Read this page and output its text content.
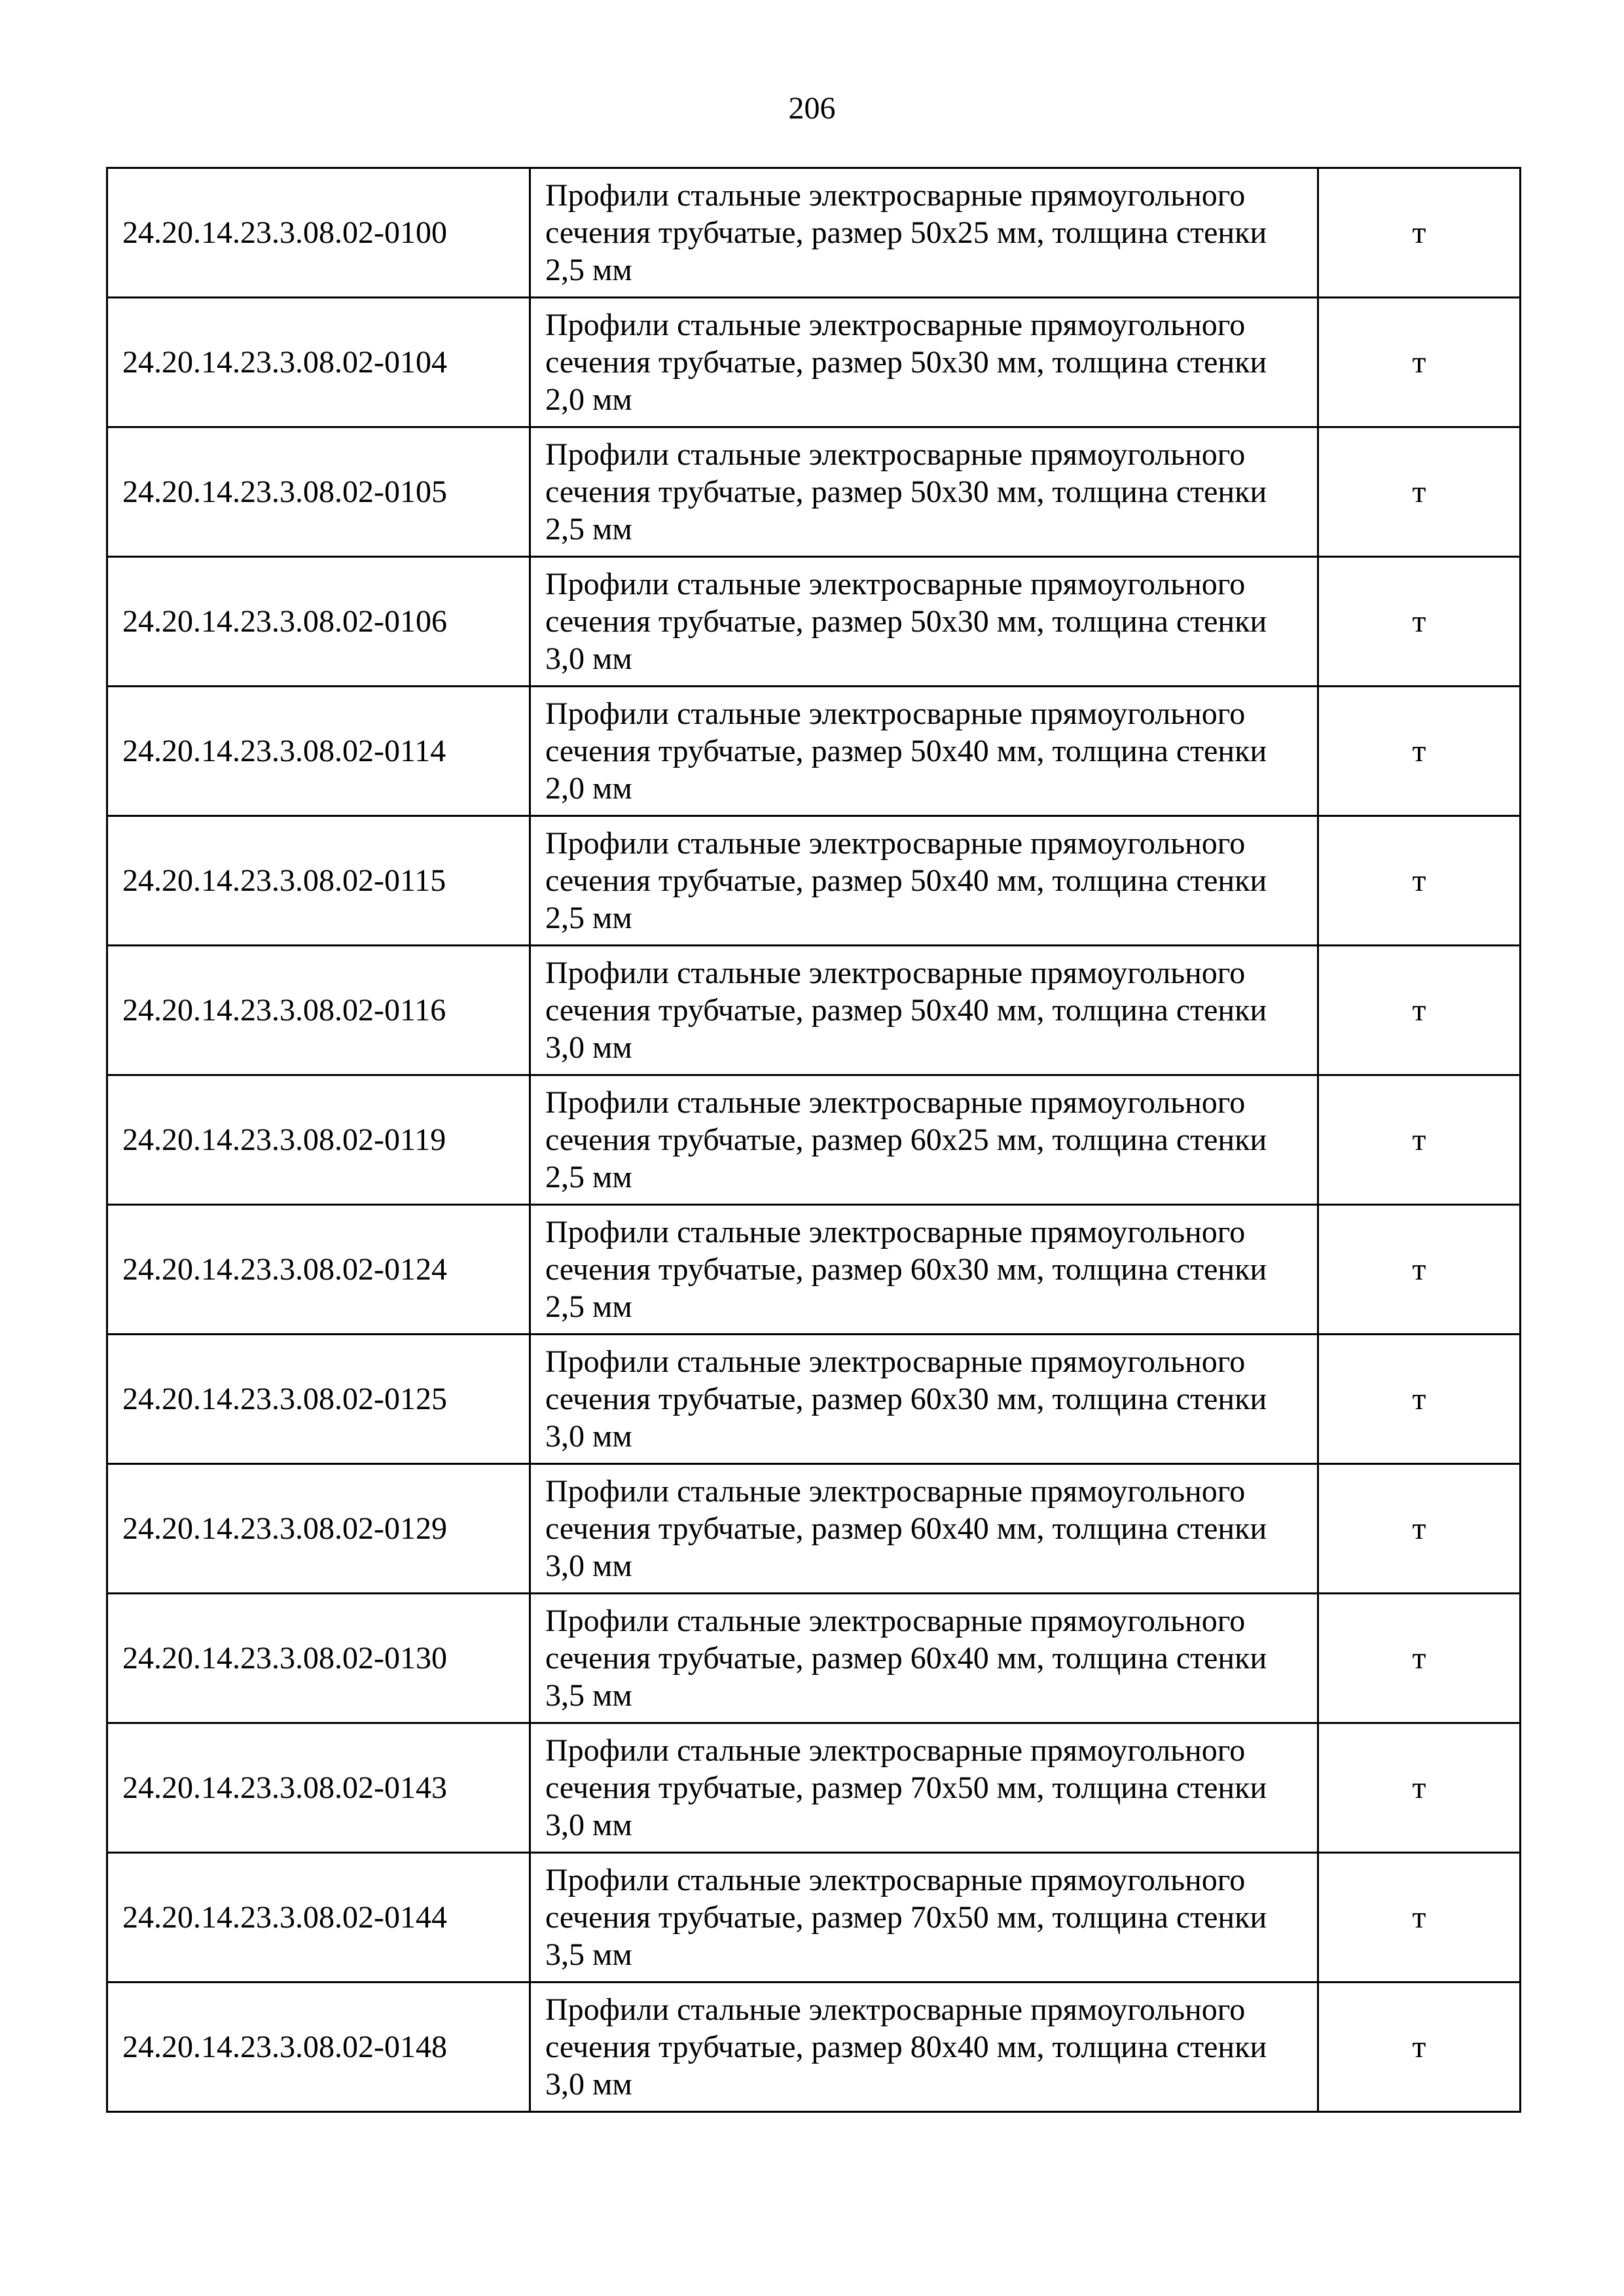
206
24.20.14.23.3.08.02-0100	Профили стальные электросварные прямоугольного сечения трубчатые, размер 50х25 мм, толщина стенки 2,5 мм	т
24.20.14.23.3.08.02-0104	Профили стальные электросварные прямоугольного сечения трубчатые, размер 50х30 мм, толщина стенки 2,0 мм	т
24.20.14.23.3.08.02-0105	Профили стальные электросварные прямоугольного сечения трубчатые, размер 50х30 мм, толщина стенки 2,5 мм	т
24.20.14.23.3.08.02-0106	Профили стальные электросварные прямоугольного сечения трубчатые, размер 50х30 мм, толщина стенки 3,0 мм	т
24.20.14.23.3.08.02-0114	Профили стальные электросварные прямоугольного сечения трубчатые, размер 50х40 мм, толщина стенки 2,0 мм	т
24.20.14.23.3.08.02-0115	Профили стальные электросварные прямоугольного сечения трубчатые, размер 50х40 мм, толщина стенки 2,5 мм	т
24.20.14.23.3.08.02-0116	Профили стальные электросварные прямоугольного сечения трубчатые, размер 50х40 мм, толщина стенки 3,0 мм	т
24.20.14.23.3.08.02-0119	Профили стальные электросварные прямоугольного сечения трубчатые, размер 60х25 мм, толщина стенки 2,5 мм	т
24.20.14.23.3.08.02-0124	Профили стальные электросварные прямоугольного сечения трубчатые, размер 60х30 мм, толщина стенки 2,5 мм	т
24.20.14.23.3.08.02-0125	Профили стальные электросварные прямоугольного сечения трубчатые, размер 60х30 мм, толщина стенки 3,0 мм	т
24.20.14.23.3.08.02-0129	Профили стальные электросварные прямоугольного сечения трубчатые, размер 60х40 мм, толщина стенки 3,0 мм	т
24.20.14.23.3.08.02-0130	Профили стальные электросварные прямоугольного сечения трубчатые, размер 60х40 мм, толщина стенки 3,5 мм	т
24.20.14.23.3.08.02-0143	Профили стальные электросварные прямоугольного сечения трубчатые, размер 70х50 мм, толщина стенки 3,0 мм	т
24.20.14.23.3.08.02-0144	Профили стальные электросварные прямоугольного сечения трубчатые, размер 70х50 мм, толщина стенки 3,5 мм	т
24.20.14.23.3.08.02-0148	Профили стальные электросварные прямоугольного сечения трубчатые, размер 80х40 мм, толщина стенки 3,0 мм	т
